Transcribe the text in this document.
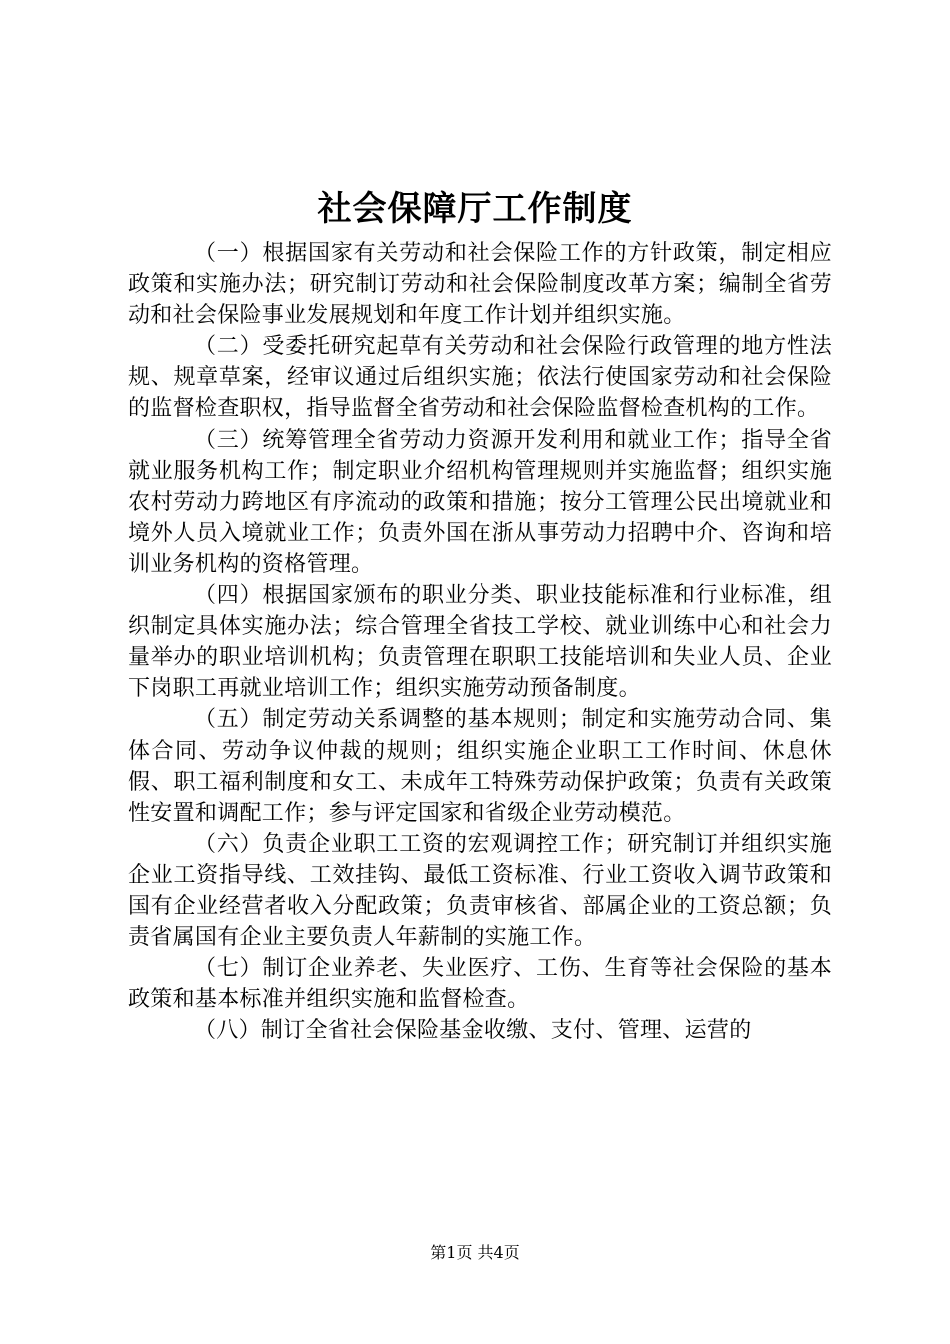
社会保障厅工作制度

（一）根据国家有关劳动和社会保险工作的方针政策，制定相应政策和实施办法；研究制订劳动和社会保险制度改革方案；编制全省劳动和社会保险事业发展规划和年度工作计划并组织实施。

（二）受委托研究起草有关劳动和社会保险行政管理的地方性法规、规章草案，经审议通过后组织实施；依法行使国家劳动和社会保险的监督检查职权，指导监督全省劳动和社会保险监督检查机构的工作。

（三）统筹管理全省劳动力资源开发利用和就业工作；指导全省就业服务机构工作；制定职业介绍机构管理规则并实施监督；组织实施农村劳动力跨地区有序流动的政策和措施；按分工管理公民出境就业和境外人员入境就业工作；负责外国在浙从事劳动力招聘中介、咨询和培训业务机构的资格管理。

（四）根据国家颁布的职业分类、职业技能标准和行业标准，组织制定具体实施办法；综合管理全省技工学校、就业训练中心和社会力量举办的职业培训机构；负责管理在职职工技能培训和失业人员、企业下岗职工再就业培训工作；组织实施劳动预备制度。

（五）制定劳动关系调整的基本规则；制定和实施劳动合同、集体合同、劳动争议仲裁的规则；组织实施企业职工工作时间、休息休假、职工福利制度和女工、未成年工特殊劳动保护政策；负责有关政策性安置和调配工作；参与评定国家和省级企业劳动模范。

（六）负责企业职工工资的宏观调控工作；研究制订并组织实施企业工资指导线、工效挂钩、最低工资标准、行业工资收入调节政策和国有企业经营者收入分配政策；负责审核省、部属企业的工资总额；负责省属国有企业主要负责人年薪制的实施工作。

（七）制订企业养老、失业医疗、工伤、生育等社会保险的基本政策和基本标准并组织实施和监督检查。

（八）制订全省社会保险基金收缴、支付、管理、运营的

第1页 共4页
